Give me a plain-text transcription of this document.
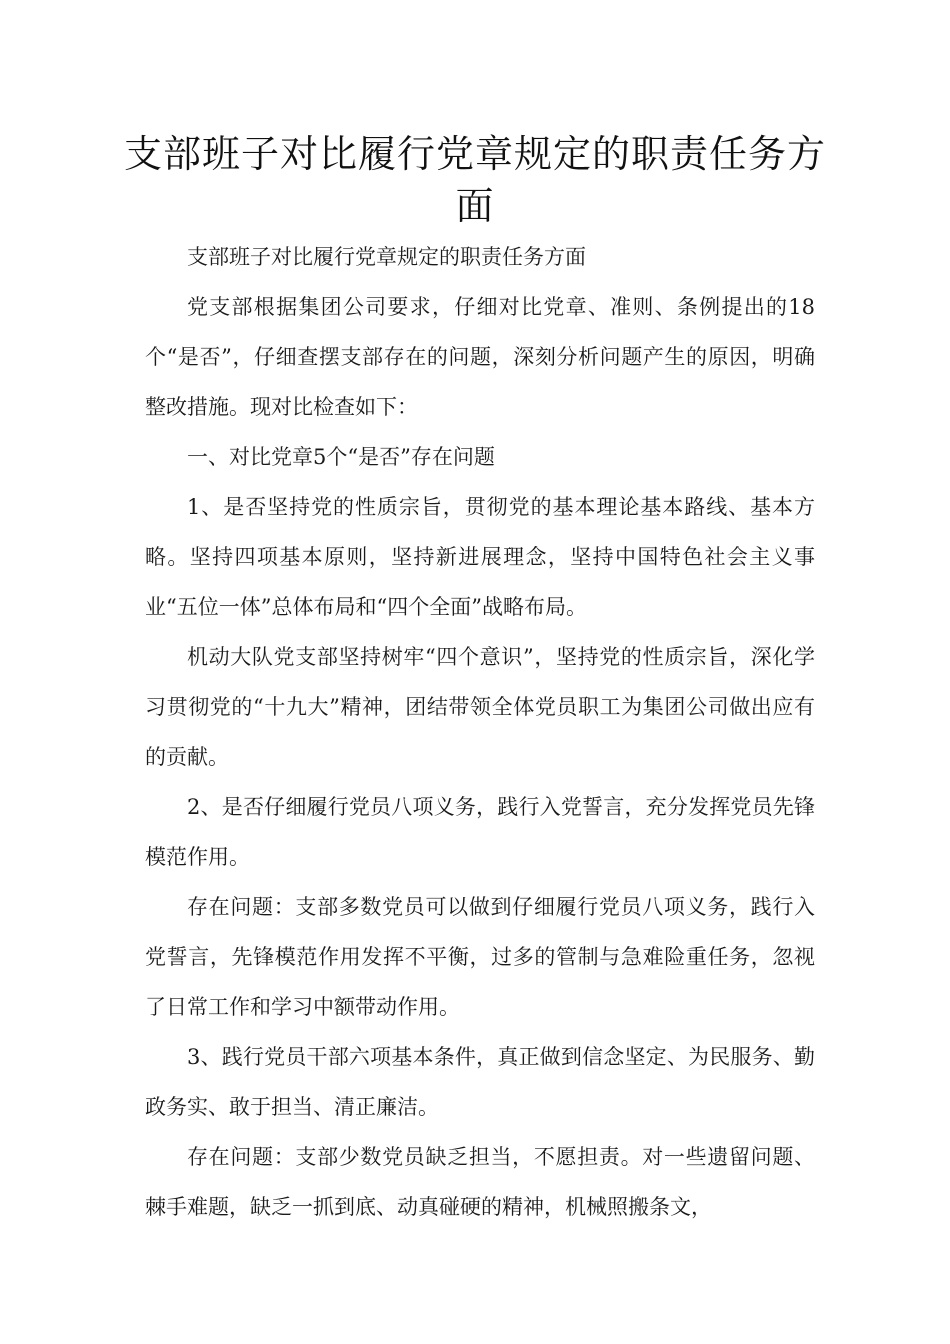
支部班子对比履行党章规定的职责任务方面

支部班子对比履行党章规定的职责任务方面

党支部根据集团公司要求，仔细对比党章、准则、条例提出的18个“是否”，仔细查摆支部存在的问题，深刻分析问题产生的原因，明确整改措施。现对比检查如下：

一、对比党章5个“是否”存在问题

1、是否坚持党的性质宗旨，贯彻党的基本理论基本路线、基本方略。坚持四项基本原则，坚持新进展理念，坚持中国特色社会主义事业“五位一体”总体布局和“四个全面”战略布局。

机动大队党支部坚持树牢“四个意识”，坚持党的性质宗旨，深化学习贯彻党的“十九大”精神，团结带领全体党员职工为集团公司做出应有的贡献。

2、是否仔细履行党员八项义务，践行入党誓言，充分发挥党员先锋模范作用。

存在问题：支部多数党员可以做到仔细履行党员八项义务，践行入党誓言，先锋模范作用发挥不平衡，过多的管制与急难险重任务，忽视了日常工作和学习中额带动作用。

3、践行党员干部六项基本条件，真正做到信念坚定、为民服务、勤政务实、敢于担当、清正廉洁。

存在问题：支部少数党员缺乏担当，不愿担责。对一些遗留问题、棘手难题，缺乏一抓到底、动真碰硬的精神，机械照搬条文，
